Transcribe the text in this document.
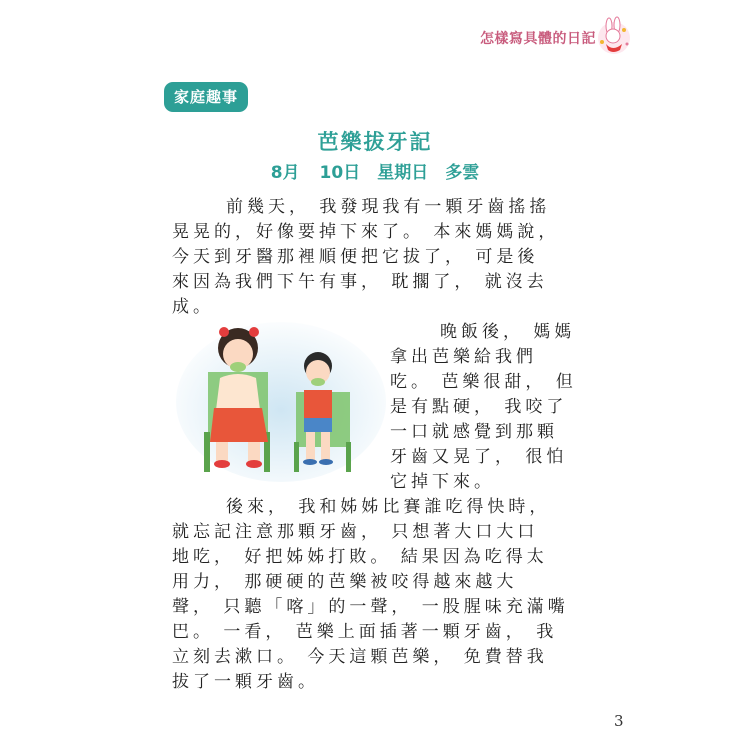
怎樣寫具體的日記
家庭趣事
芭樂拔牙記
8月 10日　星期日　多雲
前幾天， 我發現我有一顆牙齒搖搖
晃晃的，好像要掉下來了。 本來媽媽說，
今天到牙醫那裡順便把它拔了， 可是後
來因為我們下午有事， 耽擱了， 就沒去
成。
晚飯後， 媽媽
拿出芭樂給我們
吃。 芭樂很甜， 但
是有點硬， 我咬了
一口就感覺到那顆
牙齒又晃了， 很怕
它掉下來。
後來， 我和姊姊比賽誰吃得快時，
就忘記注意那顆牙齒， 只想著大口大口
地吃， 好把姊姊打敗。 結果因為吃得太
用力， 那硬硬的芭樂被咬得越來越大
聲， 只聽「喀」的一聲， 一股腥味充滿嘴
巴。 一看， 芭樂上面插著一顆牙齒， 我
立刻去漱口。 今天這顆芭樂， 免費替我
拔了一顆牙齒。
3
